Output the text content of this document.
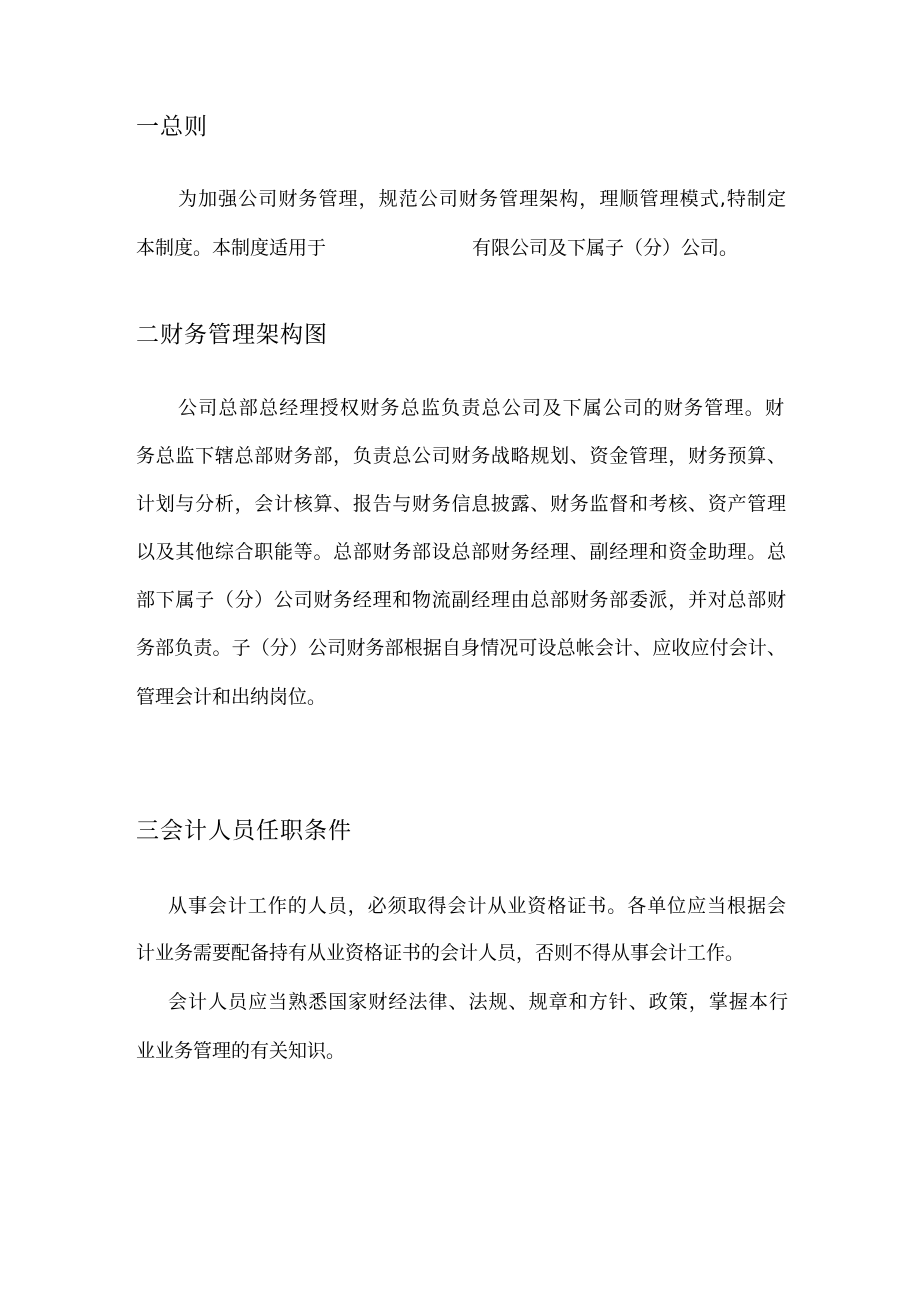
一总则
为加强公司财务管理，规范公司财务管理架构，理顺管理模式,特制定
本制度。本制度适用于	有限公司及下属子（分）公司。
二财务管理架构图
公司总部总经理授权财务总监负责总公司及下属公司的财务管理。财
务总监下辖总部财务部，负责总公司财务战略规划、资金管理，财务预算、
计划与分析，会计核算、报告与财务信息披露、财务监督和考核、资产管理
以及其他综合职能等。总部财务部设总部财务经理、副经理和资金助理。总
部下属子（分）公司财务经理和物流副经理由总部财务部委派，并对总部财
务部负责。子（分）公司财务部根据自身情况可设总帐会计、应收应付会计、
管理会计和出纳岗位。
三会计人员任职条件
从事会计工作的人员，必须取得会计从业资格证书。各单位应当根据会
计业务需要配备持有从业资格证书的会计人员，否则不得从事会计工作。
会计人员应当熟悉国家财经法律、法规、规章和方针、政策，掌握本行
业业务管理的有关知识。
